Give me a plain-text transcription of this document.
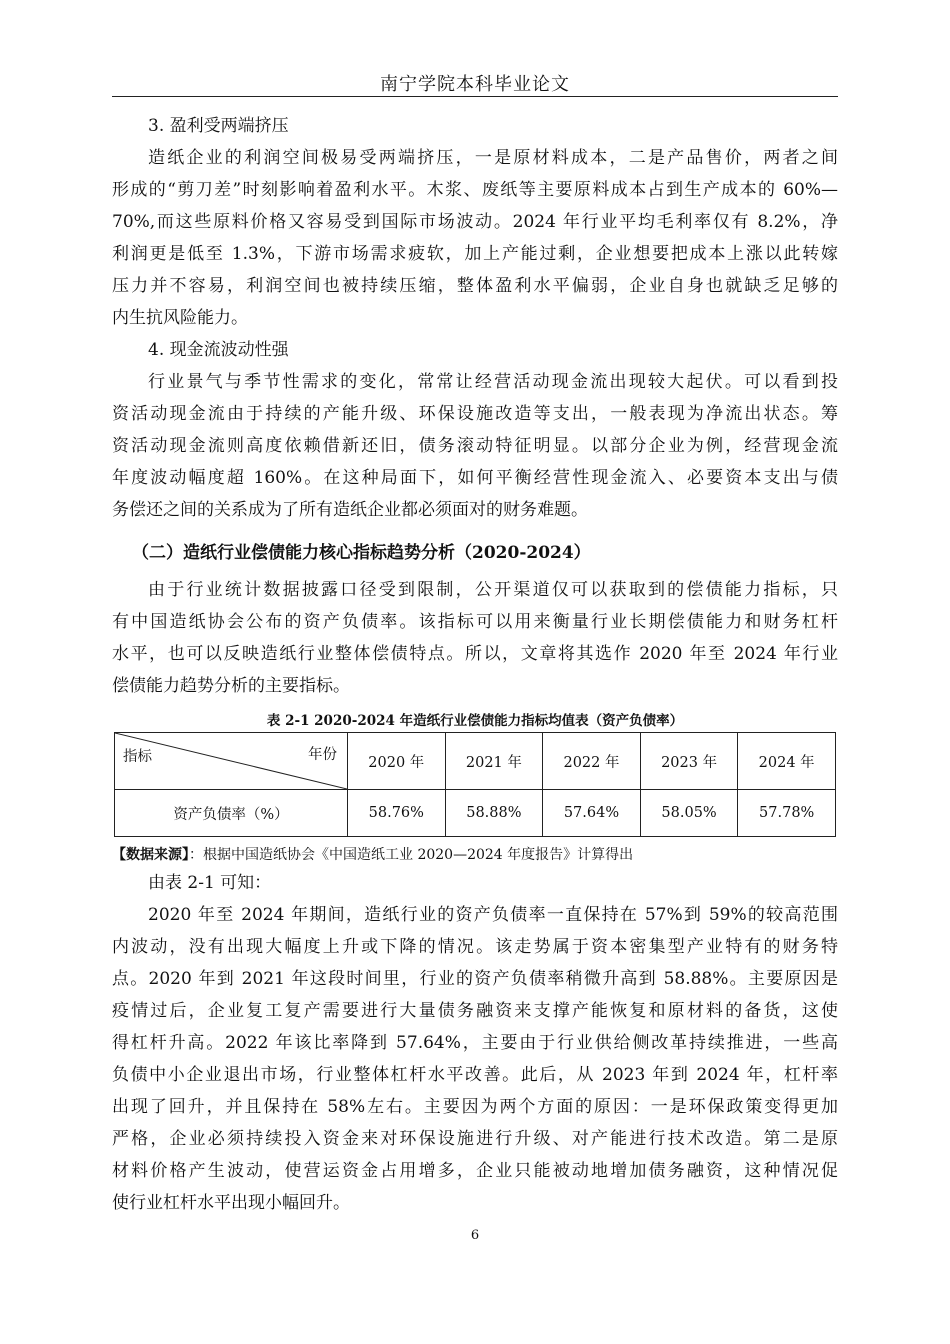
南宁学院本科毕业论文
3. 盈利受两端挤压
造纸企业的利润空间极易受两端挤压，一是原材料成本，二是产品售价，两者之间
形成的“剪刀差”时刻影响着盈利水平。木浆、废纸等主要原料成本占到生产成本的 60%—
70%,而这些原料价格又容易受到国际市场波动。2024 年行业平均毛利率仅有 8.2%，净
利润更是低至 1.3%，下游市场需求疲软，加上产能过剩，企业想要把成本上涨以此转嫁
压力并不容易，利润空间也被持续压缩，整体盈利水平偏弱，企业自身也就缺乏足够的
内生抗风险能力。
4. 现金流波动性强
行业景气与季节性需求的变化，常常让经营活动现金流出现较大起伏。可以看到投
资活动现金流由于持续的产能升级、环保设施改造等支出，一般表现为净流出状态。筹
资活动现金流则高度依赖借新还旧，债务滚动特征明显。以部分企业为例，经营现金流
年度波动幅度超 160%。在这种局面下，如何平衡经营性现金流入、必要资本支出与债
务偿还之间的关系成为了所有造纸企业都必须面对的财务难题。
（二）造纸行业偿债能力核心指标趋势分析（2020-2024）
由于行业统计数据披露口径受到限制，公开渠道仅可以获取到的偿债能力指标，只
有中国造纸协会公布的资产负债率。该指标可以用来衡量行业长期偿债能力和财务杠杆
水平，也可以反映造纸行业整体偿债特点。所以，文章将其选作 2020 年至 2024 年行业
偿债能力趋势分析的主要指标。
表 2-1 2020-2024 年造纸行业偿债能力指标均值表（资产负债率）
指标 年份	2020 年	2021 年	2022 年	2023 年	2024 年
资产负债率（%）	58.76%	58.88%	57.64%	58.05%	57.78%
【数据来源】：根据中国造纸协会《中国造纸工业 2020—2024 年度报告》计算得出
由表 2-1 可知：
2020 年至 2024 年期间，造纸行业的资产负债率一直保持在 57%到 59%的较高范围
内波动，没有出现大幅度上升或下降的情况。该走势属于资本密集型产业特有的财务特
点。2020 年到 2021 年这段时间里，行业的资产负债率稍微升高到 58.88%。主要原因是
疫情过后，企业复工复产需要进行大量债务融资来支撑产能恢复和原材料的备货，这使
得杠杆升高。2022 年该比率降到 57.64%，主要由于行业供给侧改革持续推进，一些高
负债中小企业退出市场，行业整体杠杆水平改善。此后，从 2023 年到 2024 年，杠杆率
出现了回升，并且保持在 58%左右。主要因为两个方面的原因：一是环保政策变得更加
严格，企业必须持续投入资金来对环保设施进行升级、对产能进行技术改造。第二是原
材料价格产生波动，使营运资金占用增多，企业只能被动地增加债务融资，这种情况促
使行业杠杆水平出现小幅回升。
6
